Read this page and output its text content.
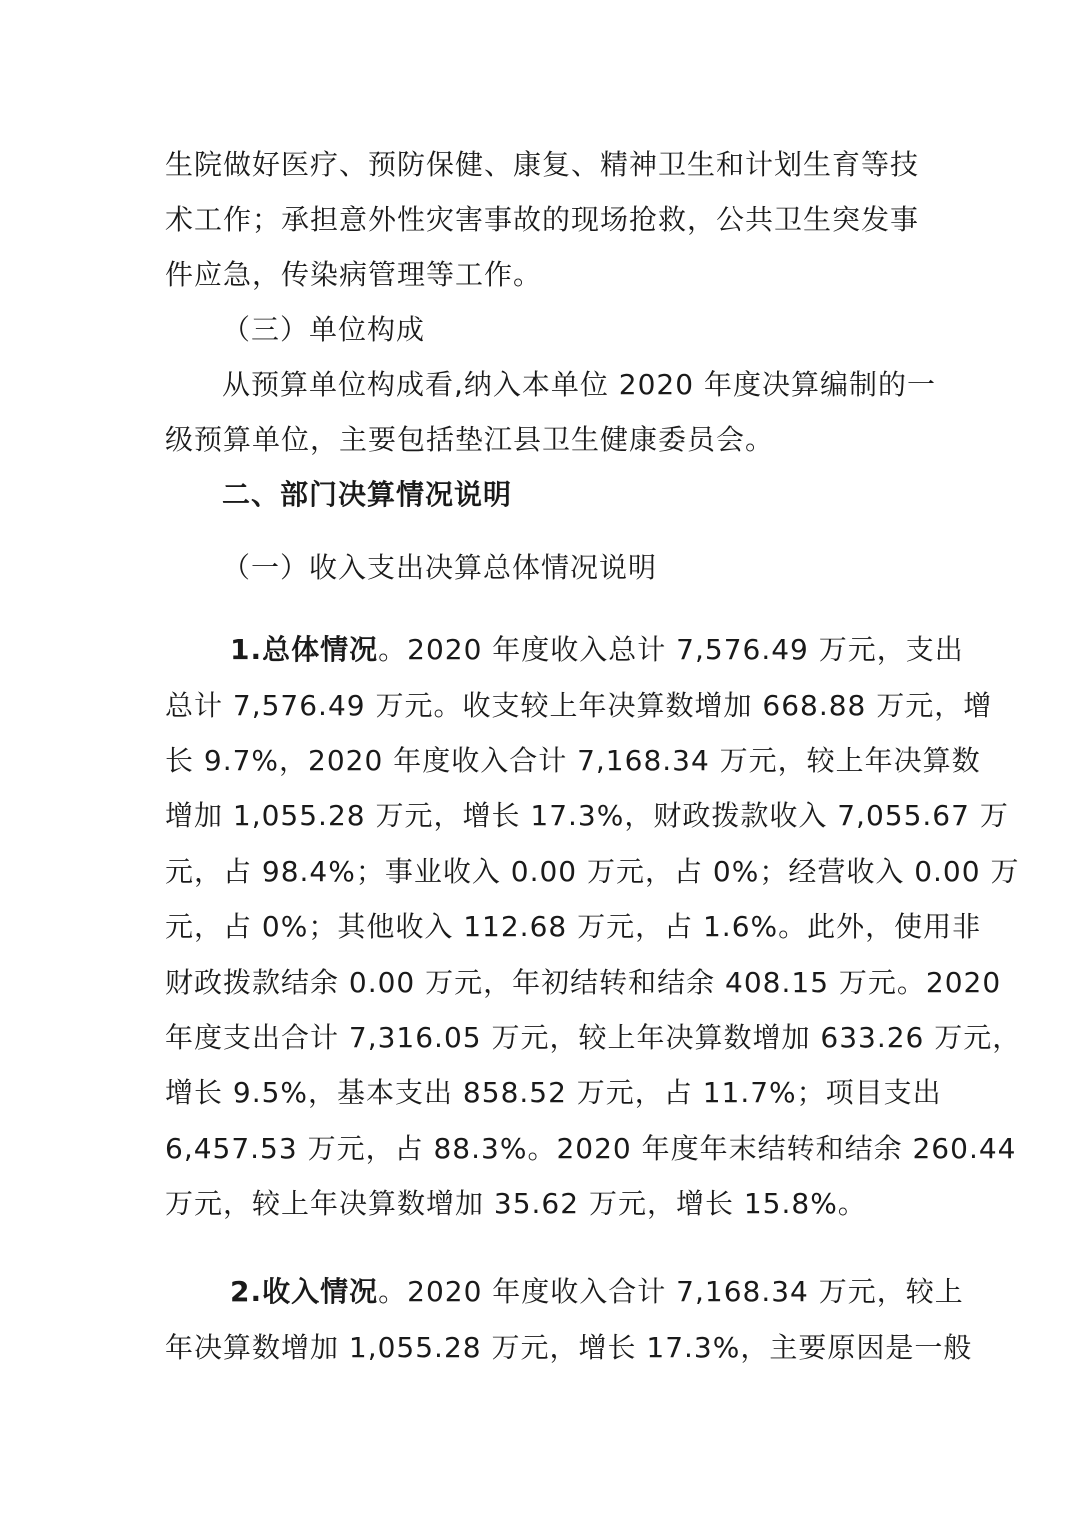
生院做好医疗、预防保健、康复、精神卫生和计划生育等技
术工作；承担意外性灾害事故的现场抢救，公共卫生突发事
件应急，传染病管理等工作。
（三）单位构成
从预算单位构成看,纳入本单位 2020 年度决算编制的一
级预算单位，主要包括垫江县卫生健康委员会。
二、部门决算情况说明
（一）收入支出决算总体情况说明
1.总体情况。2020 年度收入总计 7,576.49 万元，支出
总计 7,576.49 万元。收支较上年决算数增加 668.88 万元，增
长 9.7%，2020 年度收入合计 7,168.34 万元，较上年决算数
增加 1,055.28 万元，增长 17.3%，财政拨款收入 7,055.67 万
元，占 98.4%；事业收入 0.00 万元，占 0%；经营收入 0.00 万
元，占 0%；其他收入 112.68 万元，占 1.6%。此外，使用非
财政拨款结余 0.00 万元，年初结转和结余 408.15 万元。2020
年度支出合计 7,316.05 万元，较上年决算数增加 633.26 万元，
增长 9.5%，基本支出 858.52 万元，占 11.7%；项目支出
6,457.53 万元，占 88.3%。2020 年度年末结转和结余 260.44
万元，较上年决算数增加 35.62 万元，增长 15.8%。
2.收入情况。2020 年度收入合计 7,168.34 万元，较上
年决算数增加 1,055.28 万元，增长 17.3%，主要原因是一般
